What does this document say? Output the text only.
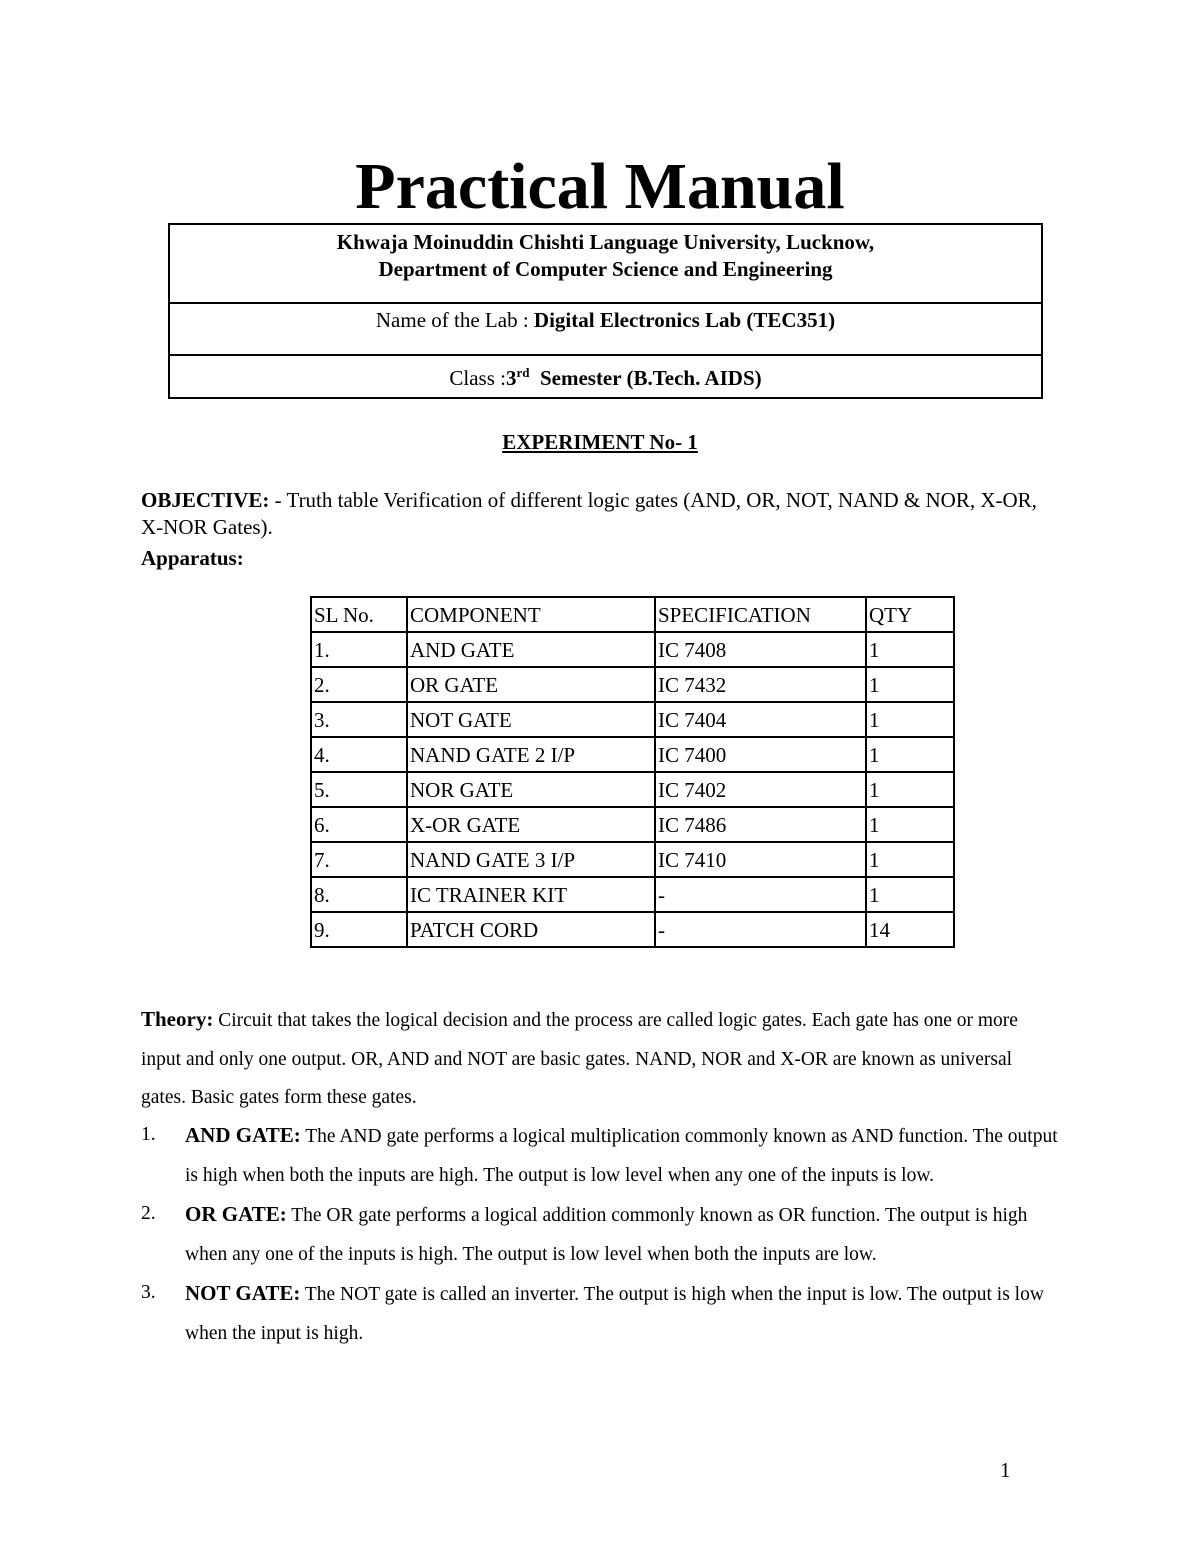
Practical Manual
Khwaja Moinuddin Chishti Language University, Lucknow,
Department of Computer Science and Engineering
Name of the Lab : Digital Electronics Lab (TEC351)
Class :3rd Semester (B.Tech. AIDS)
EXPERIMENT No- 1
OBJECTIVE: - Truth table Verification of different logic gates (AND, OR, NOT, NAND & NOR, X-OR, X-NOR Gates).
Apparatus:
SL No.	COMPONENT	SPECIFICATION	QTY
1.	AND GATE	IC 7408	1
2.	OR GATE	IC 7432	1
3.	NOT GATE	IC 7404	1
4.	NAND GATE 2 I/P	IC 7400	1
5.	NOR GATE	IC 7402	1
6.	X-OR GATE	IC 7486	1
7.	NAND GATE 3 I/P	IC 7410	1
8.	IC TRAINER KIT	-	1
9.	PATCH CORD	-	14
Theory: Circuit that takes the logical decision and the process are called logic gates. Each gate has one or more input and only one output. OR, AND and NOT are basic gates. NAND, NOR and X-OR are known as universal gates. Basic gates form these gates.
1. AND GATE: The AND gate performs a logical multiplication commonly known as AND function. The output is high when both the inputs are high. The output is low level when any one of the inputs is low.
2. OR GATE: The OR gate performs a logical addition commonly known as OR function. The output is high when any one of the inputs is high. The output is low level when both the inputs are low.
3. NOT GATE: The NOT gate is called an inverter. The output is high when the input is low. The output is low when the input is high.
1
